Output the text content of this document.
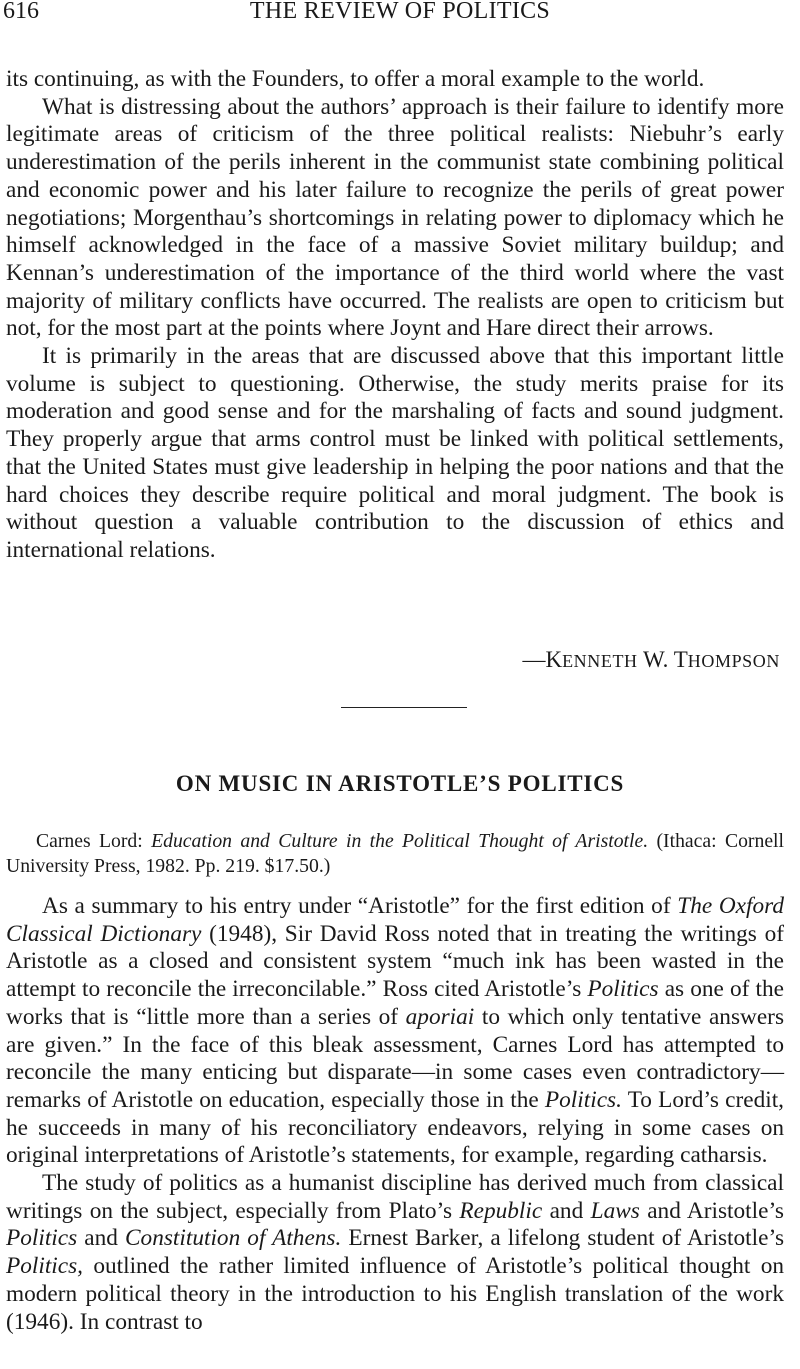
616	THE REVIEW OF POLITICS

its continuing, as with the Founders, to offer a moral example to the world.

What is distressing about the authors’ approach is their failure to identify more legitimate areas of criticism of the three political realists: Niebuhr’s early underestimation of the perils inherent in the communist state combining political and economic power and his later failure to recognize the perils of great power negotiations; Morgenthau’s shortcomings in relating power to diplomacy which he himself acknowledged in the face of a massive Soviet military buildup; and Kennan’s underestimation of the importance of the third world where the vast majority of military conflicts have occurred. The realists are open to criticism but not, for the most part at the points where Joynt and Hare direct their arrows.

It is primarily in the areas that are discussed above that this important little volume is subject to questioning. Otherwise, the study merits praise for its moderation and good sense and for the marshaling of facts and sound judgment. They properly argue that arms control must be linked with political settlements, that the United States must give leadership in helping the poor nations and that the hard choices they describe require political and moral judgment. The book is without question a valuable contribution to the discussion of ethics and international relations.

—KENNETH W. THOMPSON
ON MUSIC IN ARISTOTLE’S POLITICS
Carnes Lord: Education and Culture in the Political Thought of Aristotle. (Ithaca: Cornell University Press, 1982. Pp. 219. $17.50.)

As a summary to his entry under “Aristotle” for the first edition of The Oxford Classical Dictionary (1948), Sir David Ross noted that in treating the writings of Aristotle as a closed and consistent system “much ink has been wasted in the attempt to reconcile the irreconcilable.” Ross cited Aristotle’s Politics as one of the works that is “little more than a series of aporiai to which only tentative answers are given.” In the face of this bleak assessment, Carnes Lord has attempted to reconcile the many enticing but disparate—in some cases even contradictory—remarks of Aristotle on education, especially those in the Politics. To Lord’s credit, he succeeds in many of his reconciliatory endeavors, relying in some cases on original interpretations of Aristotle’s statements, for example, regarding catharsis.

The study of politics as a humanist discipline has derived much from classical writings on the subject, especially from Plato’s Republic and Laws and Aristotle’s Politics and Constitution of Athens. Ernest Barker, a lifelong student of Aristotle’s Politics, outlined the rather limited influence of Aristotle’s political thought on modern political theory in the introduction to his English translation of the work (1946). In contrast to
